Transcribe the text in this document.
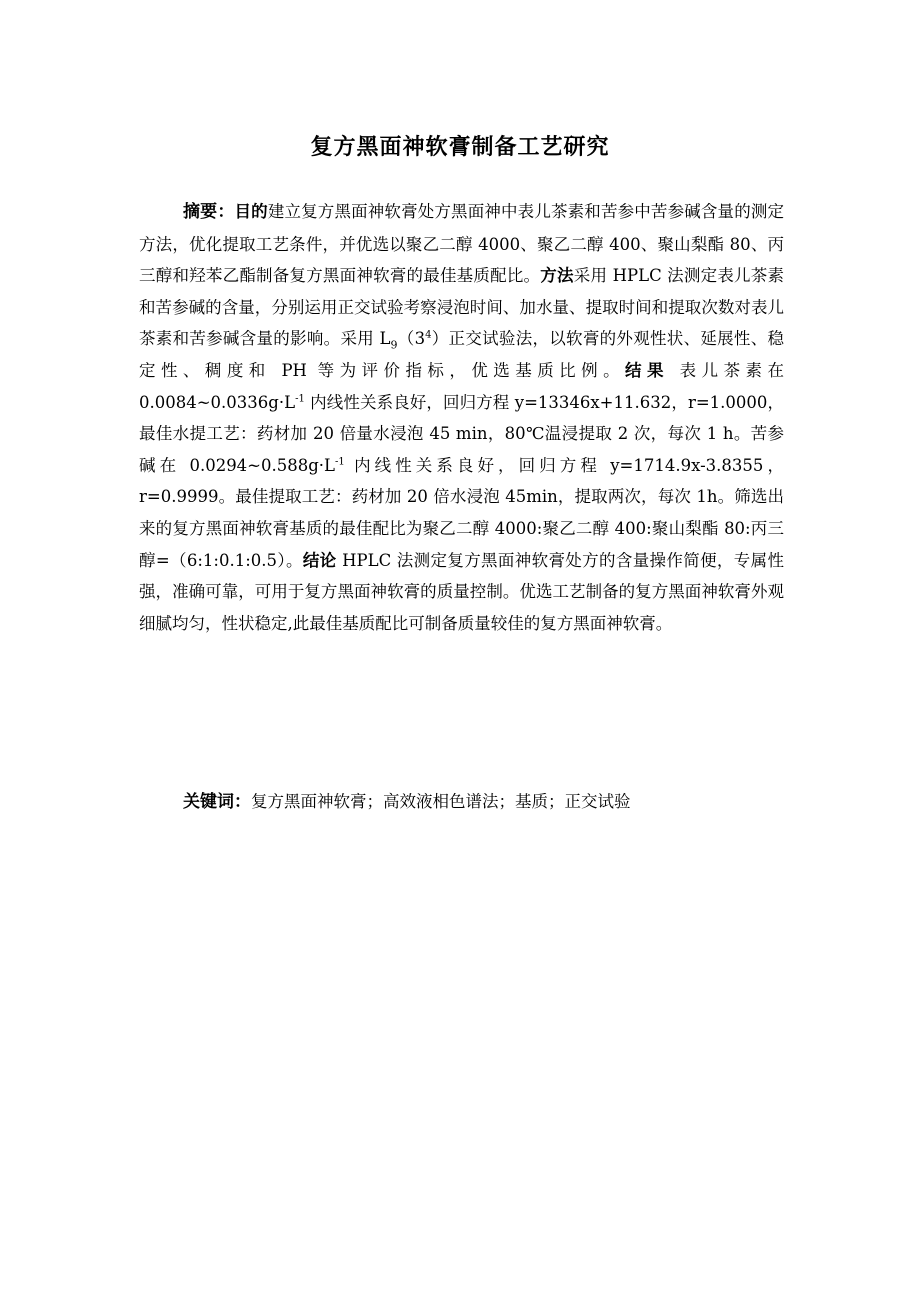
复方黑面神软膏制备工艺研究

摘要：目的建立复方黑面神软膏处方黑面神中表儿茶素和苦参中苦参碱含量的测定方法，优化提取工艺条件，并优选以聚乙二醇 4000、聚乙二醇 400、聚山梨酯 80、丙三醇和羟苯乙酯制备复方黑面神软膏的最佳基质配比。方法采用 HPLC 法测定表儿茶素和苦参碱的含量，分别运用正交试验考察浸泡时间、加水量、提取时间和提取次数对表儿茶素和苦参碱含量的影响。采用 $L_9(3^4)$正交试验法，以软膏的外观性状、延展性、稳定性、稠度和 PH 等为评价指标，优选基质比例。结果 表儿茶素在 $0.0084\sim 0.0336g\cdot L^{-1}$ 内线性关系良好，回归方程 y=13346x+11.632，r=1.0000，最佳水提工艺：药材加 20 倍量水浸泡 45 min，80℃温浸提取 2 次，每次 1 h。苦参碱在 $0.0294\sim 0.588g\cdot L^{-1}$ 内线性关系良好，回归方程 y=1714.9x-3.8355，r=0.9999。最佳提取工艺：药材加 20 倍水浸泡 45min，提取两次，每次 1h。筛选出来的复方黑面神软膏基质的最佳配比为聚乙二醇 4000:聚乙二醇 400:聚山梨酯 80:丙三醇=（6:1:0.1:0.5）。结论 HPLC 法测定复方黑面神软膏处方的含量操作简便，专属性强，准确可靠，可用于复方黑面神软膏的质量控制。优选工艺制备的复方黑面神软膏外观细腻均匀，性状稳定,此最佳基质配比可制备质量较佳的复方黑面神软膏。

关键词：复方黑面神软膏；高效液相色谱法；基质；正交试验
